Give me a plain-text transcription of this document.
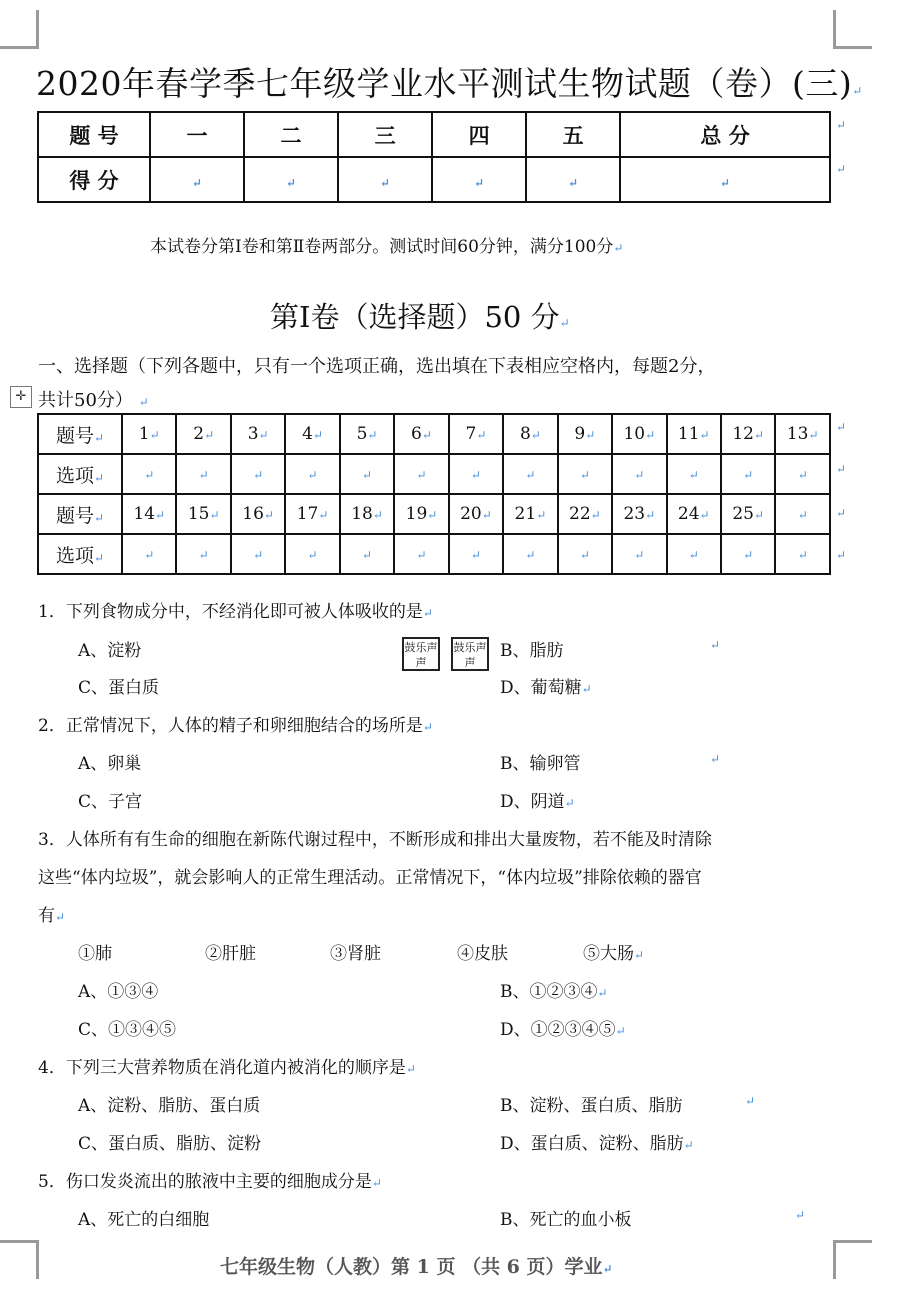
2020年春学季七年级学业水平测试生物试题（卷）(三)↵
题 号	一	二	三	四	五	总 分
得 分	↵	↵	↵	↵	↵	↵
↵
↵
本试卷分第Ⅰ卷和第Ⅱ卷两部分。测试时间60分钟，满分100分↵
第Ⅰ卷（选择题）50 分↵
一、选择题（下列各题中，只有一个选项正确，选出填在下表相应空格内，每题2分，
共计50分） ↵
✛
题号↵	1↵	2↵	3↵	4↵	5↵	6↵	7↵	8↵	9↵	10↵	11↵	12↵	13↵
选项↵	↵	↵	↵	↵	↵	↵	↵	↵	↵	↵	↵	↵	↵
题号↵	14↵	15↵	16↵	17↵	18↵	19↵	20↵	21↵	22↵	23↵	24↵	25↵	↵
选项↵	↵	↵	↵	↵	↵	↵	↵	↵	↵	↵	↵	↵	↵
↵
↵
↵
↵
1．下列食物成分中，不经消化即可被人体吸收的是↵
A、淀粉	鼓乐声声
鼓乐声声
B、脂肪	↵
C、蛋白质	D、葡萄糖↵
2．正常情况下，人体的精子和卵细胞结合的场所是↵
A、卵巢	B、输卵管	↵
C、子宫	D、阴道↵
3．人体所有有生命的细胞在新陈代谢过程中，不断形成和排出大量废物，若不能及时清除
这些“体内垃圾”，就会影响人的正常生理活动。正常情况下，“体内垃圾”排除依赖的器官
有↵
①肺	②肝脏	③肾脏	④皮肤	⑤大肠↵
A、①③④	B、①②③④↵
C、①③④⑤	D、①②③④⑤↵
4．下列三大营养物质在消化道内被消化的顺序是↵
A、淀粉、脂肪、蛋白质	B、淀粉、蛋白质、脂肪	↵
C、蛋白质、脂肪、淀粉	D、蛋白质、淀粉、脂肪↵
5．伤口发炎流出的脓液中主要的细胞成分是↵
A、死亡的白细胞	B、死亡的血小板	↵
七年级生物（人教）第 1 页 （共 6 页）学业↵
